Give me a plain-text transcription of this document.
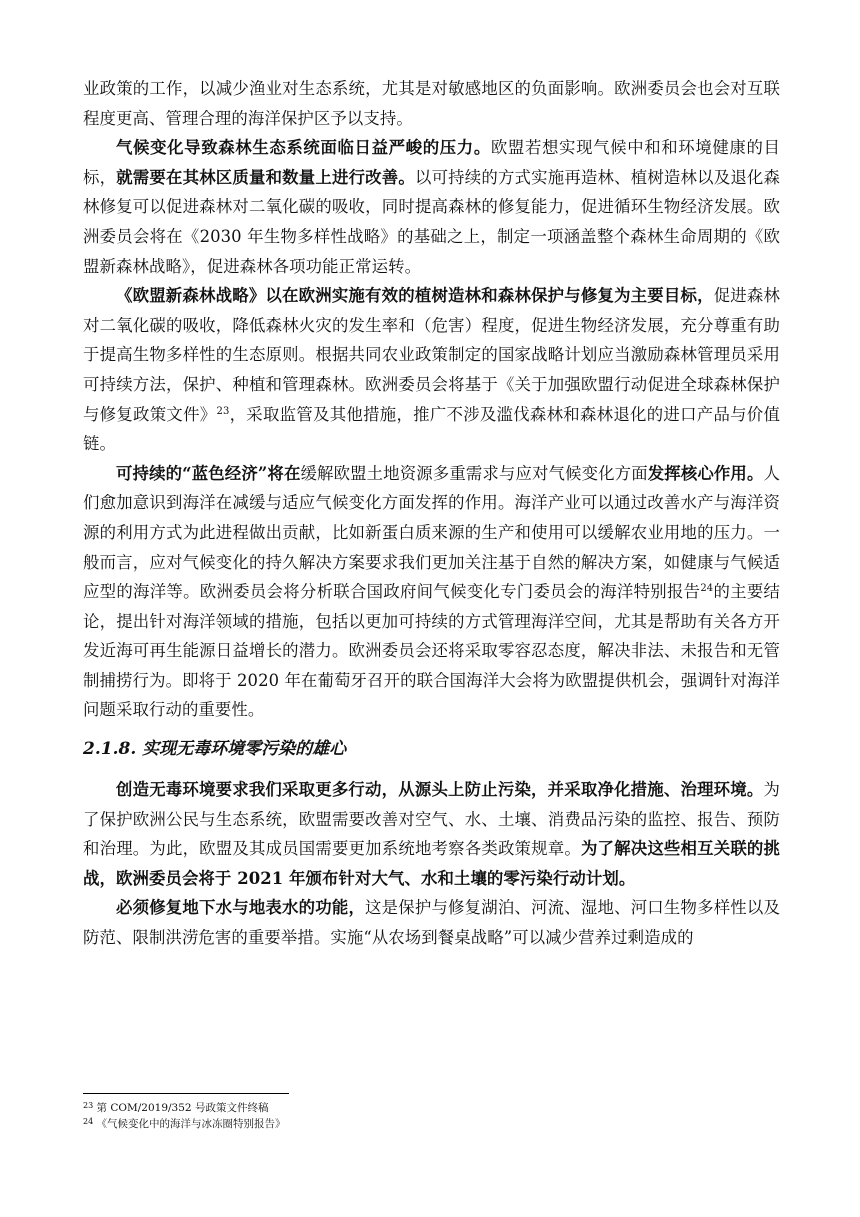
业政策的工作，以减少渔业对生态系统，尤其是对敏感地区的负面影响。欧洲委员会也会对互联程度更高、管理合理的海洋保护区予以支持。

气候变化导致森林生态系统面临日益严峻的压力。欧盟若想实现气候中和和环境健康的目标，就需要在其林区质量和数量上进行改善。以可持续的方式实施再造林、植树造林以及退化森林修复可以促进森林对二氧化碳的吸收，同时提高森林的修复能力，促进循环生物经济发展。欧洲委员会将在《2030 年生物多样性战略》的基础之上，制定一项涵盖整个森林生命周期的《欧盟新森林战略》，促进森林各项功能正常运转。

《欧盟新森林战略》以在欧洲实施有效的植树造林和森林保护与修复为主要目标，促进森林对二氧化碳的吸收，降低森林火灾的发生率和（危害）程度，促进生物经济发展，充分尊重有助于提高生物多样性的生态原则。根据共同农业政策制定的国家战略计划应当激励森林管理员采用可持续方法，保护、种植和管理森林。欧洲委员会将基于《关于加强欧盟行动促进全球森林保护与修复政策文件》$^{23}$，采取监管及其他措施，推广不涉及滥伐森林和森林退化的进口产品与价值链。

可持续的“蓝色经济”将在缓解欧盟土地资源多重需求与应对气候变化方面发挥核心作用。人们愈加意识到海洋在减缓与适应气候变化方面发挥的作用。海洋产业可以通过改善水产与海洋资源的利用方式为此进程做出贡献，比如新蛋白质来源的生产和使用可以缓解农业用地的压力。一般而言，应对气候变化的持久解决方案要求我们更加关注基于自然的解决方案，如健康与气候适应型的海洋等。欧洲委员会将分析联合国政府间气候变化专门委员会的海洋特别报告$^{24}$的主要结论，提出针对海洋领域的措施，包括以更加可持续的方式管理海洋空间，尤其是帮助有关各方开发近海可再生能源日益增长的潜力。欧洲委员会还将采取零容忍态度，解决非法、未报告和无管制捕捞行为。即将于 2020 年在葡萄牙召开的联合国海洋大会将为欧盟提供机会，强调针对海洋问题采取行动的重要性。

2.1.8. 实现无毒环境零污染的雄心

创造无毒环境要求我们采取更多行动，从源头上防止污染，并采取净化措施、治理环境。为了保护欧洲公民与生态系统，欧盟需要改善对空气、水、土壤、消费品污染的监控、报告、预防和治理。为此，欧盟及其成员国需要更加系统地考察各类政策规章。为了解决这些相互关联的挑战，欧洲委员会将于 2021 年颁布针对大气、水和土壤的零污染行动计划。

必须修复地下水与地表水的功能，这是保护与修复湖泊、河流、湿地、河口生物多样性以及防范、限制洪涝危害的重要举措。实施“从农场到餐桌战略”可以减少营养过剩造成的

$^{23}$ 第 COM/2019/352 号政策文件终稿

$^{24}$ 《气候变化中的海洋与冰冻圈特别报告》
